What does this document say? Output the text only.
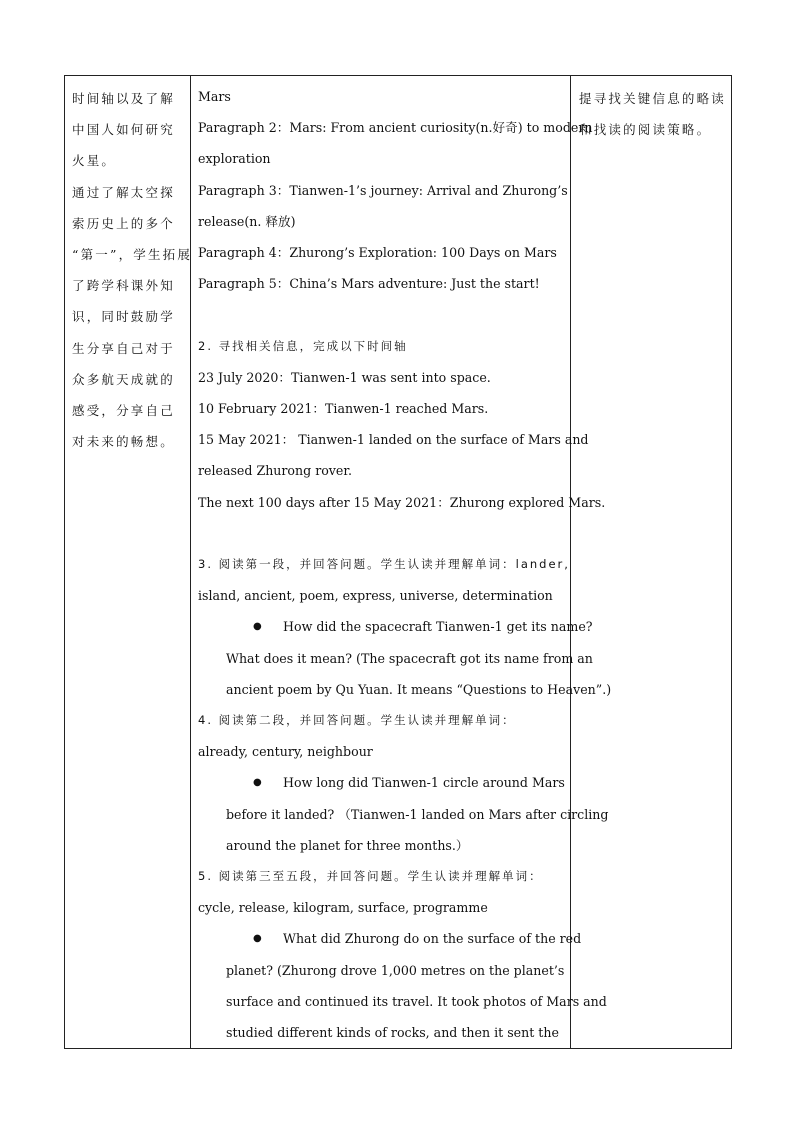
时间轴以及了解
中国人如何研究
火星。
通过了解太空探
索历史上的多个
“第一”，学生拓展
了跨学科课外知
识，同时鼓励学
生分享自己对于
众多航天成就的
感受，分享自己
对未来的畅想。

Mars
Paragraph 2：Mars: From ancient curiosity(n.好奇) to modern
exploration
Paragraph 3：Tianwen-1’s journey: Arrival and Zhurong’s
release(n. 释放)
Paragraph 4：Zhurong’s Exploration: 100 Days on Mars
Paragraph 5：China’s Mars adventure: Just the start!
2. 寻找相关信息，完成以下时间轴
23 July 2020：Tianwen-1 was sent into space.
10 February 2021：Tianwen-1 reached Mars.
15 May 2021： Tianwen-1 landed on the surface of Mars and
released Zhurong rover.
The next 100 days after 15 May 2021：Zhurong explored Mars.
3. 阅读第一段，并回答问题。学生认读并理解单词：lander,
island, ancient, poem, express, universe, determination
● How did the spacecraft Tianwen-1 get its name?
What does it mean? (The spacecraft got its name from an
ancient poem by Qu Yuan. It means “Questions to Heaven”.)
4. 阅读第二段，并回答问题。学生认读并理解单词：
already, century, neighbour
● How long did Tianwen-1 circle around Mars
before it landed? （Tianwen-1 landed on Mars after circling
around the planet for three months.）
5. 阅读第三至五段，并回答问题。学生认读并理解单词：
cycle, release, kilogram, surface, programme
● What did Zhurong do on the surface of the red
planet? (Zhurong drove 1,000 metres on the planet’s
surface and continued its travel. It took photos of Mars and
studied different kinds of rocks, and then it sent the

提寻找关键信息的略读
和找读的阅读策略。
